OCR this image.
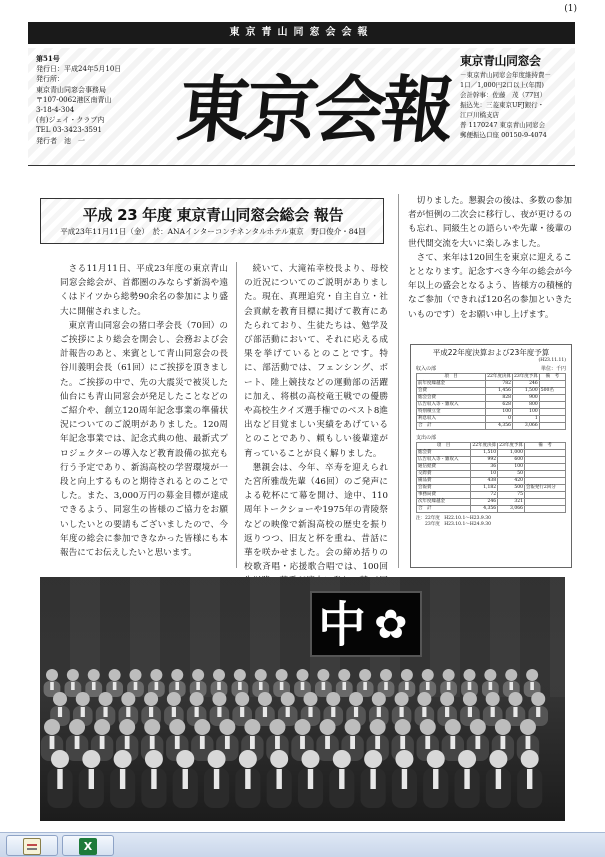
(1)
東京青山同窓会会報
第51号
発行日：平成24年5月10日
発行所：
東京青山同窓会事務局
〒107-0062港区南青山
3-18-4-304
(有)ジェイ・クラブ内
TEL 03-3423-3591
発行者　池　一	東京会報
東京青山同窓会
－東京青山同窓会年度維持費－
1口／1,000円2口以上(年間)
会計幹事：佐藤　茂（77回）
振込先：三菱東京UFJ銀行・
江戸川橋支店
普 1170247 東京青山同窓会
郵便振込口座 00150-9-4074
平成 23 年度 東京青山同窓会総会 報告
平成23年11月11日（金）　於：ANAインターコンチネンタルホテル東京　野口俊介・84回

さる11月11日、平成23年度の東京青山同窓会総会が、首都圏のみならず新潟や遠くはドイツから総勢90余名の参加により盛大に開催されました。

東京青山同窓会の猪口孝会長（70回）のご挨拶により総会を開会し、会務および会計報告のあと、来賓として青山同窓会の長谷川義明会長（61回）にご挨拶を頂きました。ご挨拶の中で、先の大震災で被災した仙台にも青山同窓会が発足したことなどのご紹介や、創立120周年記念事業の準備状況についてのご説明がありました。120周年記念事業では、記念式典の他、最新式プロジェクターの導入など教育設備の拡充も行う予定であり、新潟高校の学習環境が一段と向上するものと期待されるとのことでした。また、3,000万円の募金目標が達成できるよう、同窓生の皆様のご協力をお願いしたいとの要請もございましたので、今年度の総会に参加できなかった皆様にも本報告にてお伝えしたいと思います。

続いて、大滝祐幸校長より、母校の近況についてのご説明がありました。現在、真理追究・自主自立・社会貢献を教育目標に掲げて教育にあたられており、生徒たちは、勉学及び部活動において、それに応える成果を挙げているとのことです。特に、部活動では、フェンシング、ボート、陸上競技などの運動部の活躍に加え、将棋の高校竜王戦での優勝や高校生クイズ選手権でのベスト8進出など目覚ましい実績をあげているとのことであり、頼もしい後輩達が育っていることが良く解りました。

懇親会は、今年、卒寿を迎えられた宮所雅哉先輩（46回）のご発声による乾杯にて幕を開け、途中、110周年トークショーや1975年の青陵祭などの映像で新潟高校の歴史を振り返りつつ、旧友と杯を重ね、昔話に華を咲かせました。会の締め括りの校歌斉唱・応援歌合唱では、100回

切りました。懇親会の後は、多数の参加者が恒例の二次会に移行し、夜が更けるのも忘れ、同級生との語らいや先輩・後輩の世代間交流を大いに楽しみました。

さて、来年は120回生を東京に迎えることとなります。記念すべき今年の総会が今年以上の盛会となるよう、皆様方の積極的なご参加（できれば120名の参加といきたいものです）をお願い申し上げます。

平成22年度決算および23年度予算
(H23.11.11)
収入の部　	単位：千円
項　目	22年度決算	23年度予算	備　考
前年度繰越金	782	246	
会費	1,456	1,500	500名
総会会費	828	900	
広告収入等・雑収入	628	800	
特別積立金	100	100	
利息収入	0	1	
合　計	4,356	3,066	
支出の部
項　目	22年度決算	23年度予算	備　考
総会費	1,510	1,000	
広告収入等・雑収入	992	600	
通信経費	36	100	
交際費	10	50	
備品費	438	420	
会報費	1,182	500	会報発行2回分
事務局費	72	75	
次年度繰越金	246	321	
合　計	4,356	3,066	
注：22年度　H22.10.1〜H23.9.30
　　23年度　H23.10.1〜H24.9.30
中 ✿
X
